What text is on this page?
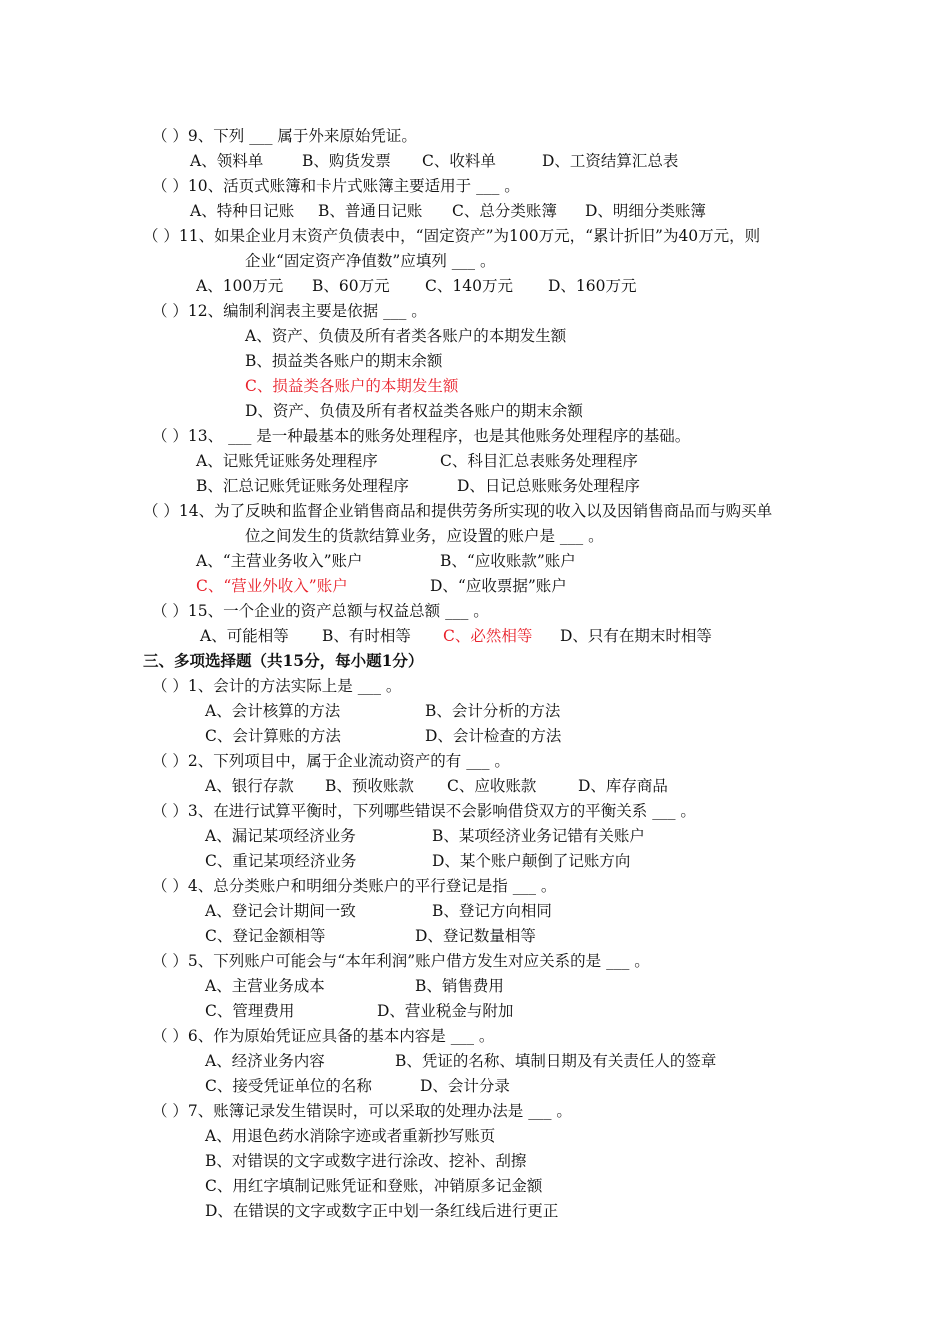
（ ）9、下列 ___ 属于外来原始凭证。
A、领料单	B、购货发票 C、收料单	D、工资结算汇总表
（ ）10、活页式账簿和卡片式账簿主要适用于 ___ 。
A、特种日记账 B、普通日记账 C、总分类账簿 D、明细分类账簿
（ ）11、如果企业月末资产负债表中，“固定资产”为100万元，“累计折旧”为40万元，则
企业“固定资产净值数”应填列 ___ 。
A、100万元 B、60万元 C、140万元 D、160万元
（ ）12、编制利润表主要是依据 ___ 。
A、资产、负债及所有者类各账户的本期发生额
B、损益类各账户的期末余额
C、损益类各账户的本期发生额
D、资产、负债及所有者权益类各账户的期末余额
（ ）13、 ___ 是一种最基本的账务处理程序，也是其他账务处理程序的基础。
A、记账凭证账务处理程序	C、科目汇总表账务处理程序
B、汇总记账凭证账务处理程序	D、日记总账账务处理程序
（ ）14、为了反映和监督企业销售商品和提供劳务所实现的收入以及因销售商品而与购买单
位之间发生的货款结算业务，应设置的账户是 ___ 。
A、“主营业务收入”账户	B、“应收账款”账户
C、“营业外收入”账户	D、“应收票据”账户
（ ）15、一个企业的资产总额与权益总额 ___ 。
A、可能相等 B、有时相等 C、必然相等 D、只有在期末时相等
三、多项选择题（共15分，每小题1分）
（ ）1、会计的方法实际上是 ___ 。
A、会计核算的方法	B、会计分析的方法
C、会计算账的方法	D、会计检查的方法
（ ）2、下列项目中，属于企业流动资产的有 ___ 。
A、银行存款 B、预收账款 C、应收账款	D、库存商品
（ ）3、在进行试算平衡时，下列哪些错误不会影响借贷双方的平衡关系 ___ 。
A、漏记某项经济业务	B、某项经济业务记错有关账户
C、重记某项经济业务	D、某个账户颠倒了记账方向
（ ）4、总分类账户和明细分类账户的平行登记是指 ___ 。
A、登记会计期间一致	B、登记方向相同
C、登记金额相等	D、登记数量相等
（ ）5、下列账户可能会与“本年利润”账户借方发生对应关系的是 ___ 。
A、主营业务成本	B、销售费用
C、管理费用	D、营业税金与附加
（ ）6、作为原始凭证应具备的基本内容是 ___ 。
A、经济业务内容	B、凭证的名称、填制日期及有关责任人的签章
C、接受凭证单位的名称	D、会计分录
（ ）7、账簿记录发生错误时，可以采取的处理办法是 ___ 。
A、用退色药水消除字迹或者重新抄写账页
B、对错误的文字或数字进行涂改、挖补、刮擦
C、用红字填制记账凭证和登账，冲销原多记金额
D、在错误的文字或数字正中划一条红线后进行更正
